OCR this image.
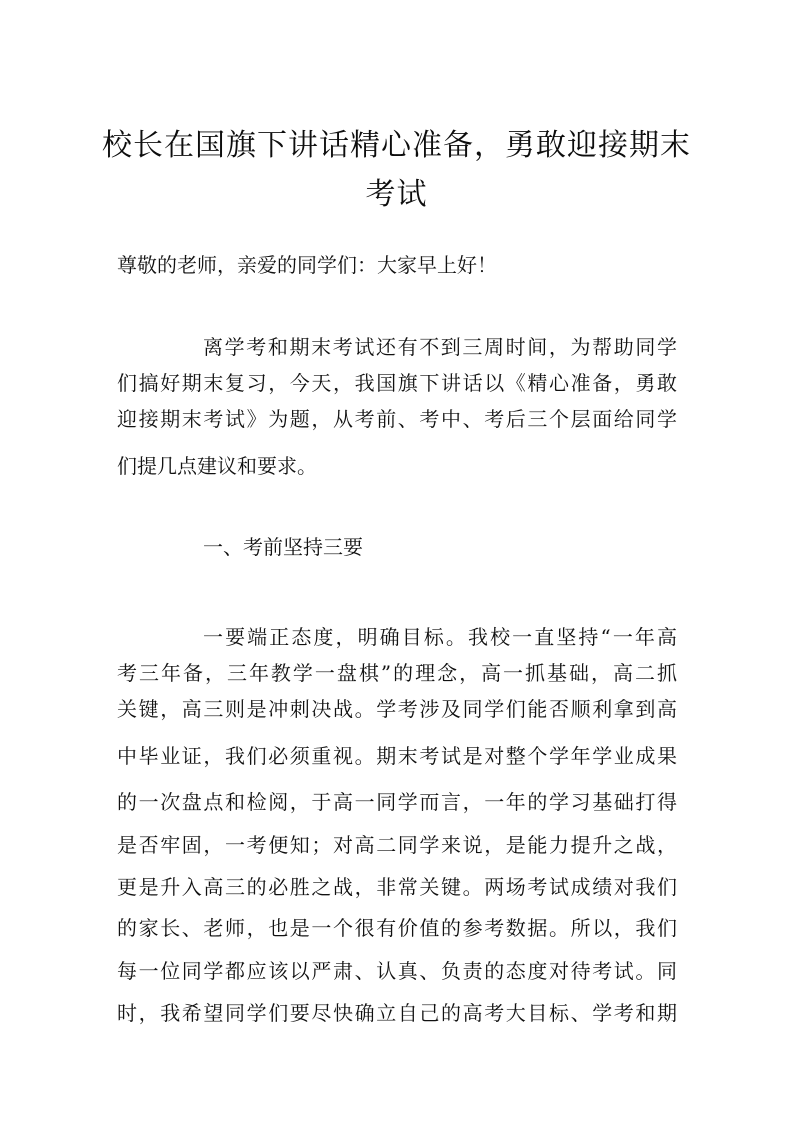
校长在国旗下讲话精心准备，勇敢迎接期末
考试
尊敬的老师，亲爱的同学们：大家早上好！
离学考和期末考试还有不到三周时间，为帮助同学
们搞好期末复习，今天，我国旗下讲话以《精心准备，勇敢
迎接期末考试》为题，从考前、考中、考后三个层面给同学
们提几点建议和要求。
一、考前坚持三要
一要端正态度，明确目标。我校一直坚持“一年高
考三年备，三年教学一盘棋”的理念，高一抓基础，高二抓
关键，高三则是冲刺决战。学考涉及同学们能否顺利拿到高
中毕业证，我们必须重视。期末考试是对整个学年学业成果
的一次盘点和检阅，于高一同学而言，一年的学习基础打得
是否牢固，一考便知；对高二同学来说，是能力提升之战，
更是升入高三的必胜之战，非常关键。两场考试成绩对我们
的家长、老师，也是一个很有价值的参考数据。所以，我们
每一位同学都应该以严肃、认真、负责的态度对待考试。同
时，我希望同学们要尽快确立自己的高考大目标、学考和期
